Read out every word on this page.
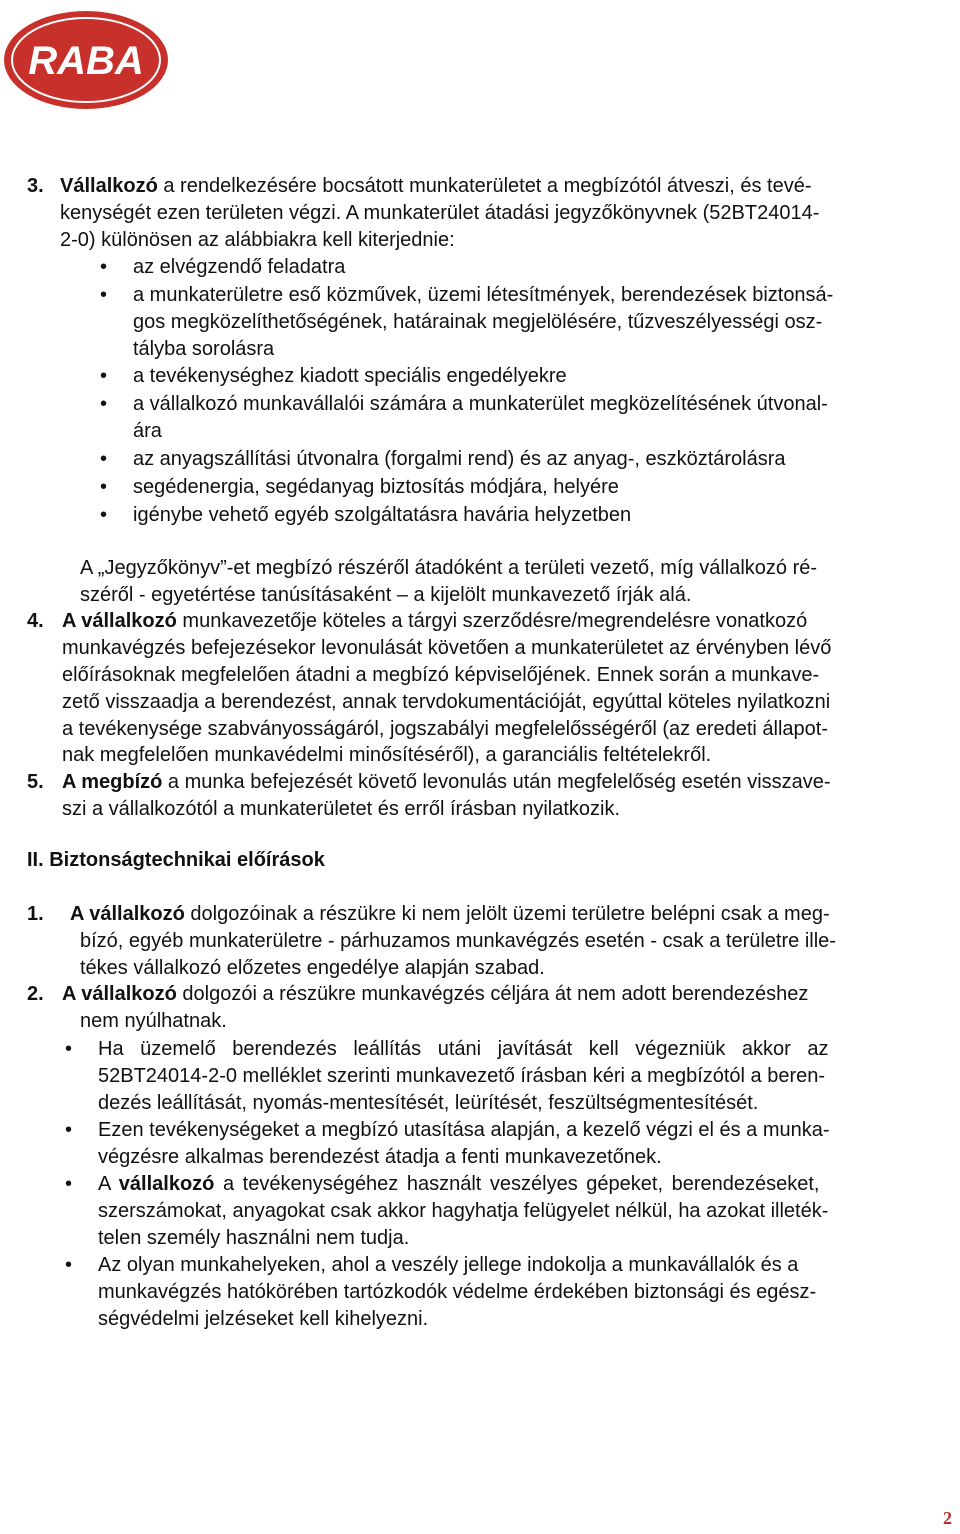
RABA
3. Vállalkozó a rendelkezésére bocsátott munkaterületet a megbízótól átveszi, és tevé-
kenységét ezen területen végzi. A munkaterület átadási jegyzőkönyvnek (52BT24014-
2-0) különösen az alábbiakra kell kiterjednie:
• az elvégzendő feladatra
• a munkaterületre eső közművek, üzemi létesítmények, berendezések biztonsá-
gos megközelíthetőségének, határainak megjelölésére, tűzveszélyességi osz-
tályba sorolásra
• a tevékenységhez kiadott speciális engedélyekre
• a vállalkozó munkavállalói számára a munkaterület megközelítésének útvonal-
ára
• az anyagszállítási útvonalra (forgalmi rend) és az anyag-, eszköztárolásra
• segédenergia, segédanyag biztosítás módjára, helyére
• igénybe vehető egyéb szolgáltatásra havária helyzetben
A „Jegyzőkönyv”-et megbízó részéről átadóként a területi vezető, míg vállalkozó ré-
széről - egyetértése tanúsításaként – a kijelölt munkavezető írják alá.
4. A vállalkozó munkavezetője köteles a tárgyi szerződésre/megrendelésre vonatkozó
munkavégzés befejezésekor levonulását követően a munkaterületet az érvényben lévő
előírásoknak megfelelően átadni a megbízó képviselőjének. Ennek során a munkave-
zető visszaadja a berendezést, annak tervdokumentációját, egyúttal köteles nyilatkozni
a tevékenysége szabványosságáról, jogszabályi megfelelősségéről (az eredeti állapot-
nak megfelelően munkavédelmi minősítéséről), a garanciális feltételekről.
5. A megbízó a munka befejezését követő levonulás után megfelelőség esetén visszave-
szi a vállalkozótól a munkaterületet és erről írásban nyilatkozik.
II. Biztonságtechnikai előírások
1. A vállalkozó dolgozóinak a részükre ki nem jelölt üzemi területre belépni csak a meg-
bízó, egyéb munkaterületre - párhuzamos munkavégzés esetén - csak a területre ille-
tékes vállalkozó előzetes engedélye alapján szabad.
2. A vállalkozó dolgozói a részükre munkavégzés céljára át nem adott berendezéshez
nem nyúlhatnak.
• Ha üzemelő berendezés leállítás utáni javítását kell végezniük akkor az
52BT24014-2-0 melléklet szerinti munkavezető írásban kéri a megbízótól a beren-
dezés leállítását, nyomás-mentesítését, leürítését, feszültségmentesítését.
• Ezen tevékenységeket a megbízó utasítása alapján, a kezelő végzi el és a munka-
végzésre alkalmas berendezést átadja a fenti munkavezetőnek.
• A vállalkozó a tevékenységéhez használt veszélyes gépeket, berendezéseket,
szerszámokat, anyagokat csak akkor hagyhatja felügyelet nélkül, ha azokat illeték-
telen személy használni nem tudja.
• Az olyan munkahelyeken, ahol a veszély jellege indokolja a munkavállalók és a
munkavégzés hatókörében tartózkodók védelme érdekében biztonsági és egész-
ségvédelmi jelzéseket kell kihelyezni.
2
